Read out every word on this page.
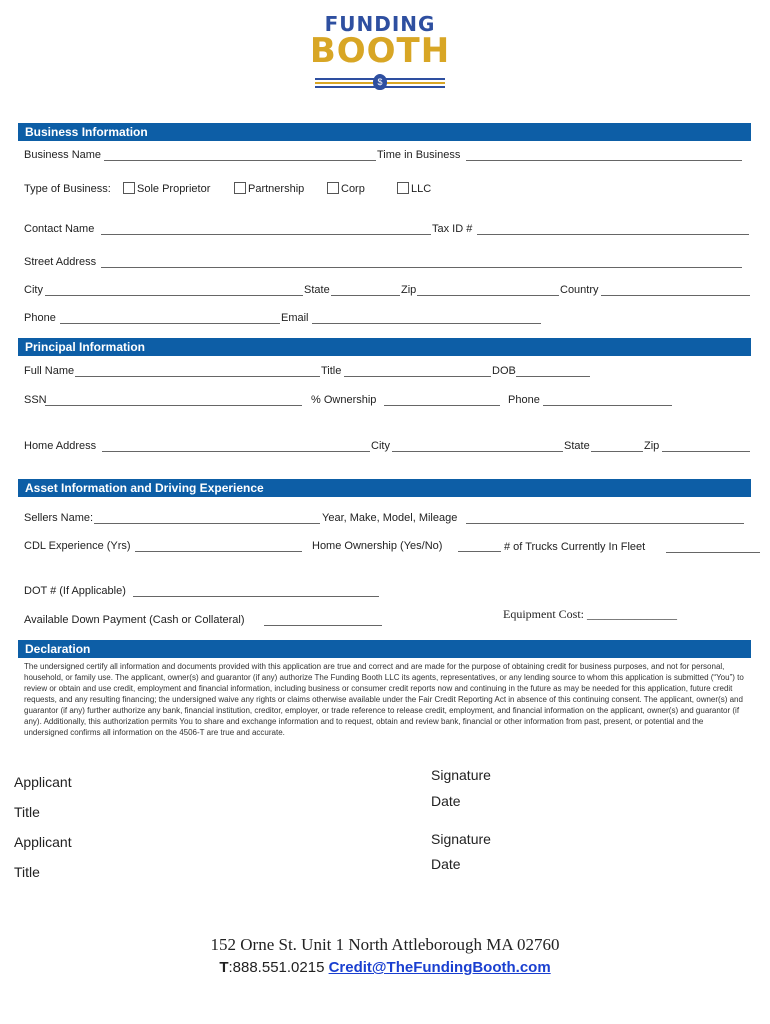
FUNDING
BOOTH
$
Business Information
Business Name	Time in Business
Type of Business: Sole Proprietor	Partnership	Corp	LLC
Contact Name	Tax ID #
Street Address
City	State	Zip	Country
Phone	Email
Principal Information
Full Name	Title	DOB
SSN	% Ownership	Phone
Home Address	City	State	Zip
Asset Information and Driving Experience
Sellers Name:	Year, Make, Model, Mileage
CDL Experience (Yrs)	Home Ownership (Yes/No)	# of Trucks Currently In Fleet
DOT # (If Applicable)
Available Down Payment (Cash or Collateral)	Equipment Cost: _______________
Declaration
The undersigned certify all information and documents provided with this application are true and correct and are made for the purpose of obtaining credit for business purposes, and not for personal, household, or family use. The applicant, owner(s) and guarantor (if any) authorize The Funding Booth LLC its agents, representatives, or any lending source to whom this application is submitted (“You”) to review or obtain and use credit, employment and financial information, including business or consumer credit reports now and continuing in the future as may be needed for this application, future credit requests, and any resulting financing; the undersigned waive any rights or claims otherwise available under the Fair Credit Reporting Act in absence of this continuing consent. The applicant, owner(s) and guarantor (if any) further authorize any bank, financial institution, creditor, employer, or trade reference to release credit, employment, and financial information on the applicant, owner(s) and guarantor (if any). Additionally, this authorization permits You to share and exchange information and to request, obtain and review bank, financial or other information from past, present, or potential and the undersigned confirms all information on the 4506-T are true and accurate.
Applicant
Title
Signature
Date
Applicant
Title
Signature
Date
152 Orne St. Unit 1 North Attleborough MA 02760
T:888.551.0215 Credit@TheFundingBooth.com
